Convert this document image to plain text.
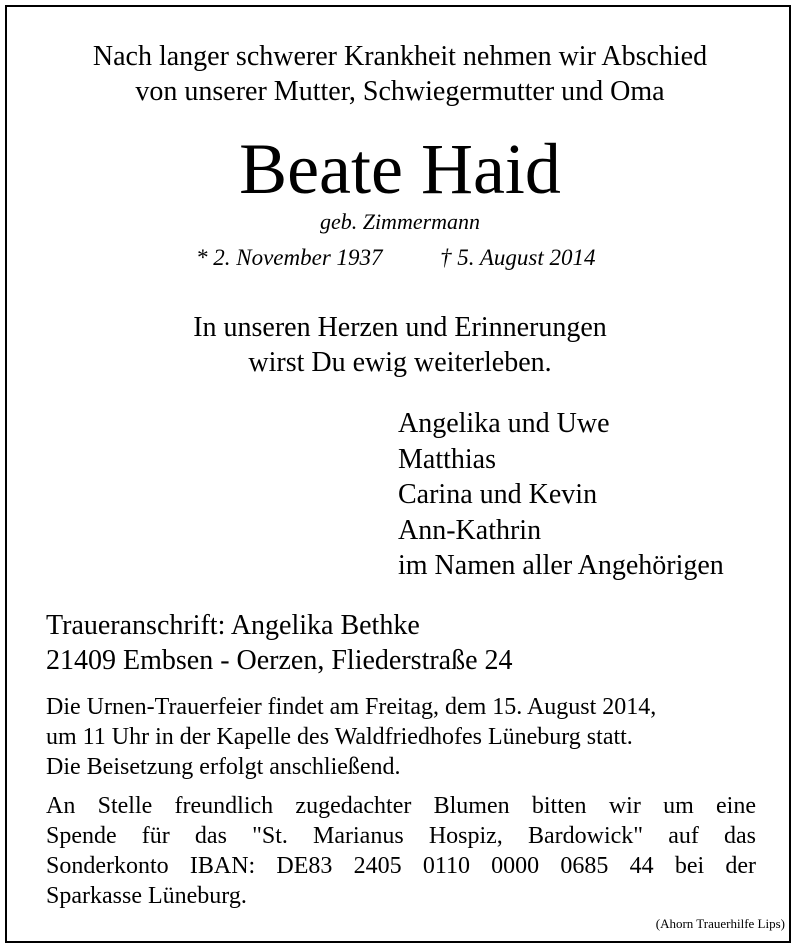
Nach langer schwerer Krankheit nehmen wir Abschied
von unserer Mutter, Schwiegermutter und Oma
Beate Haid
geb. Zimmermann
* 2. November 1937 † 5. August 2014
In unseren Herzen und Erinnerungen
wirst Du ewig weiterleben.
Angelika und Uwe
Matthias
Carina und Kevin
Ann-Kathrin
im Namen aller Angehörigen
Traueranschrift: Angelika Bethke
21409 Embsen - Oerzen, Fliederstraße 24
Die Urnen-Trauerfeier findet am Freitag, dem 15. August 2014,
um 11 Uhr in der Kapelle des Waldfriedhofes Lüneburg statt.
Die Beisetzung erfolgt anschließend.
An Stelle freundlich zugedachter Blumen bitten wir um eine
Spende für das "St. Marianus Hospiz, Bardowick" auf das
Sonderkonto IBAN: DE83 2405 0110 0000 0685 44 bei der
Sparkasse Lüneburg.
(Ahorn Trauerhilfe Lips)
